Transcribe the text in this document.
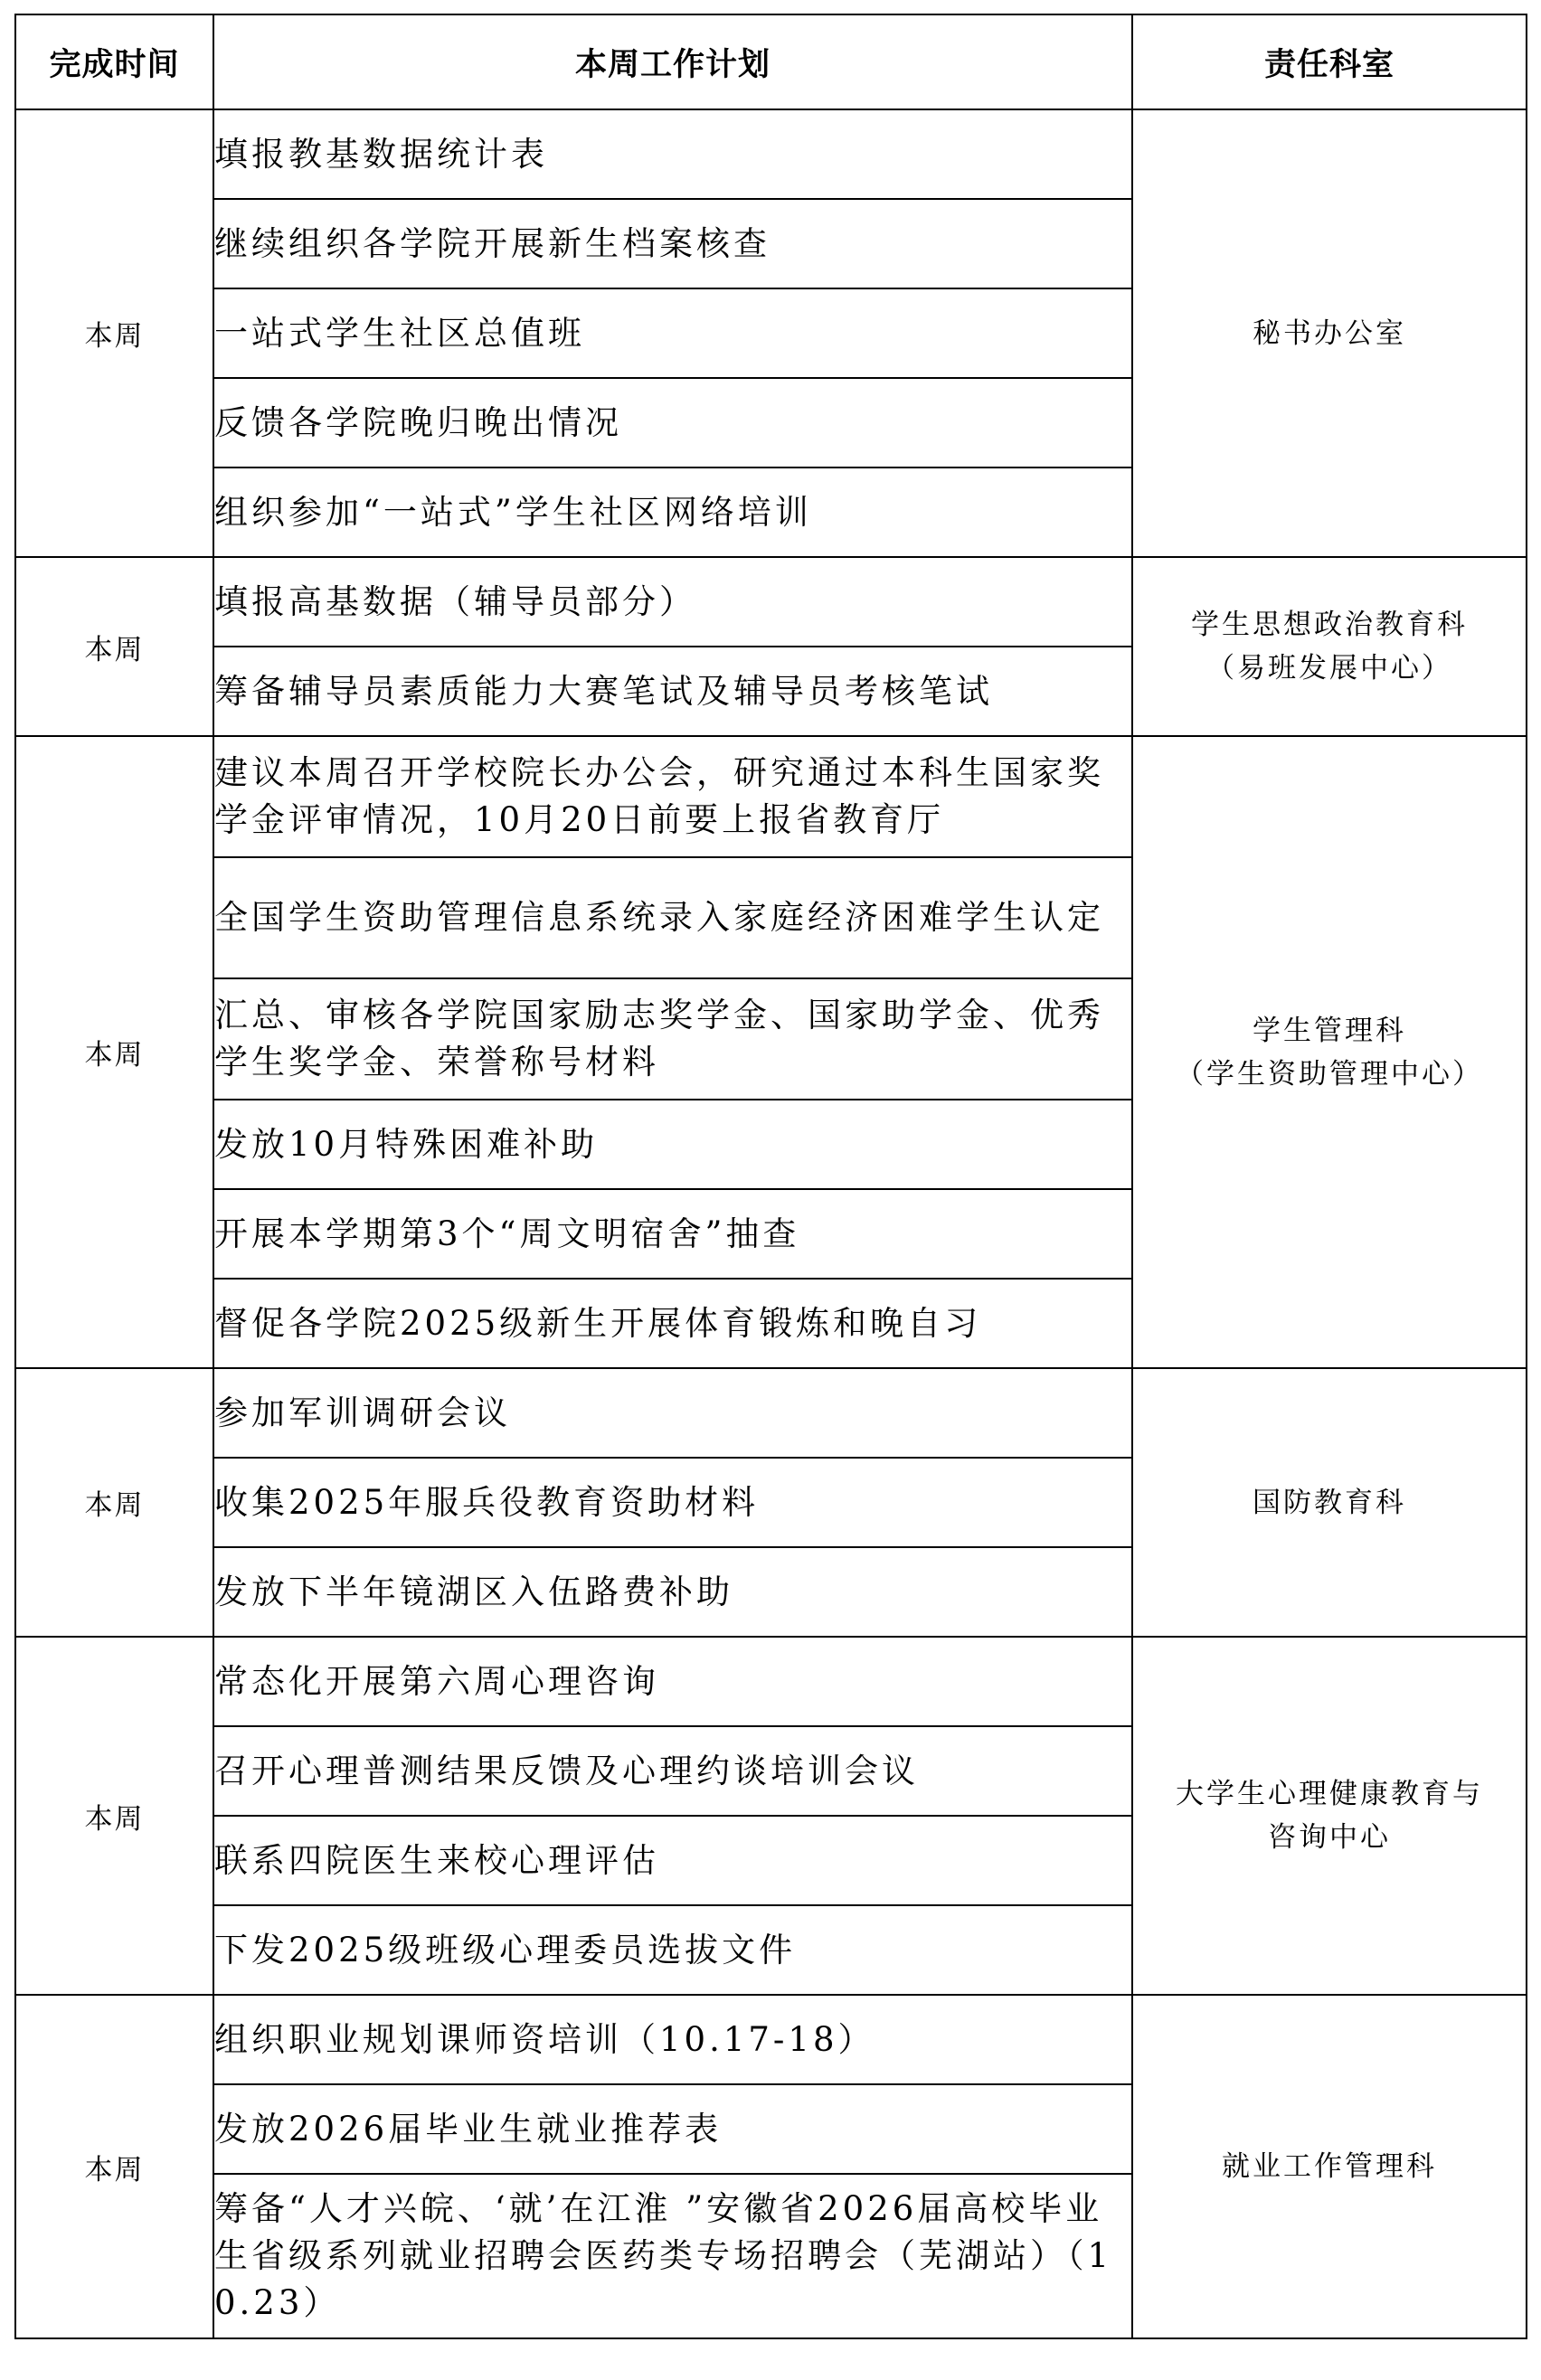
完成时间	本周工作计划	责任科室
本周	填报教基数据统计表	秘书办公室

	继续组织各学院开展新生档案核查	
	一站式学生社区总值班	
	反馈各学院晚归晚出情况	
	组织参加“一站式”学生社区网络培训	
本周	填报高基数据（辅导员部分）	学生思想政治教育科
（易班发展中心）

	筹备辅导员素质能力大赛笔试及辅导员考核笔试	
本周	建议本周召开学校院长办公会，研究通过本科生国家奖学金评审情况，10月20日前要上报省教育厅	学生管理科
（学生资助管理中心）

	全国学生资助管理信息系统录入家庭经济困难学生认定	
	汇总、审核各学院国家励志奖学金、国家助学金、优秀学生奖学金、荣誉称号材料	
	发放10月特殊困难补助	
	开展本学期第3个“周文明宿舍”抽查	
	督促各学院2025级新生开展体育锻炼和晚自习	
本周	参加军训调研会议	国防教育科

	收集2025年服兵役教育资助材料	
	发放下半年镜湖区入伍路费补助	
本周	常态化开展第六周心理咨询	大学生心理健康教育与
咨询中心

	召开心理普测结果反馈及心理约谈培训会议	
	联系四院医生来校心理评估	
	下发2025级班级心理委员选拔文件	
本周	组织职业规划课师资培训（10.17-18）	就业工作管理科

	发放2026届毕业生就业推荐表	
	筹备“人才兴皖、‘就’在江淮 ”安徽省2026届高校毕业生省级系列就业招聘会医药类专场招聘会（芜湖站）（10.23）	
